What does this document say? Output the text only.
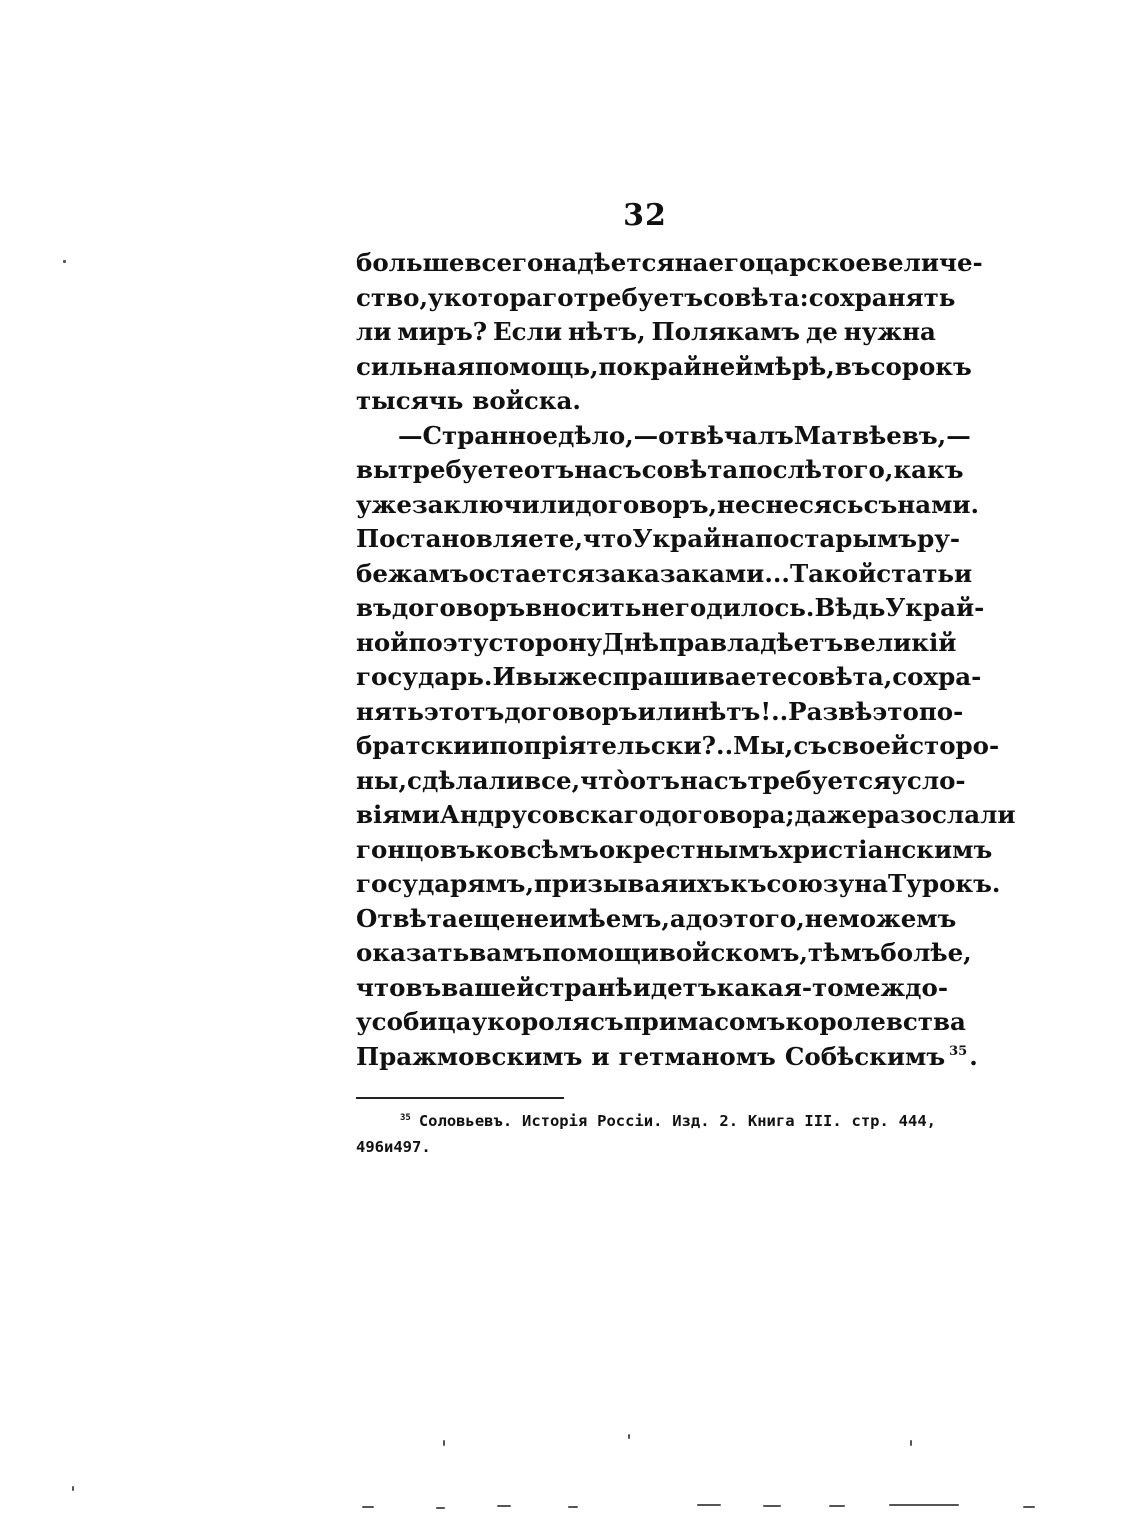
32
больше всего надѣется на его царское величе-
ство, у котораго требуетъ совѣта: сохранять
ли миръ? Если нѣтъ, Полякамъ де нужна
сильная помощь, по крайней мѣрѣ, въ сорокъ
тысячь войска.
— Странное дѣло,—отвѣчалъ Матвѣевъ,—
вы требуете отъ насъ совѣта послѣ того, какъ
уже заключили договоръ, не снесясь съ нами.
Постановляете, что Украйна по старымъ ру-
бежамъ остается за казаками... Такой статьи
въ договоръ вносить не годилось. Вѣдь Украй-
ной по эту сторону Днѣпра владѣетъ великій
государь. И вы же спрашиваете совѣта, сохра-
нять этотъ договоръ или нѣтъ!.. Развѣ это по-
братски и попріятельски?.. Мы, съ своей сторо-
ны, сдѣлали все, чтò отъ насъ требуется усло-
віями Андрусовскаго договора; даже разослали
гонцовъ ко всѣмъ окрестнымъ христіанскимъ
государямъ, призывая ихъ къ союзу на Турокъ.
Отвѣта еще не имѣемъ, а до этого, не можемъ
оказать вамъ помощи войскомъ, тѣмъ болѣе,
что въ вашей странѣ идетъ какая-то междо-
усобица у короля съ примасомъ королевства
Пражмовскимъ и гетманомъ Собѣскимъ $^{35}$.
$^{35}$ Соловьевъ. Исторія Россіи. Изд. 2. Книга III. стр. 444,
496 и 497.
